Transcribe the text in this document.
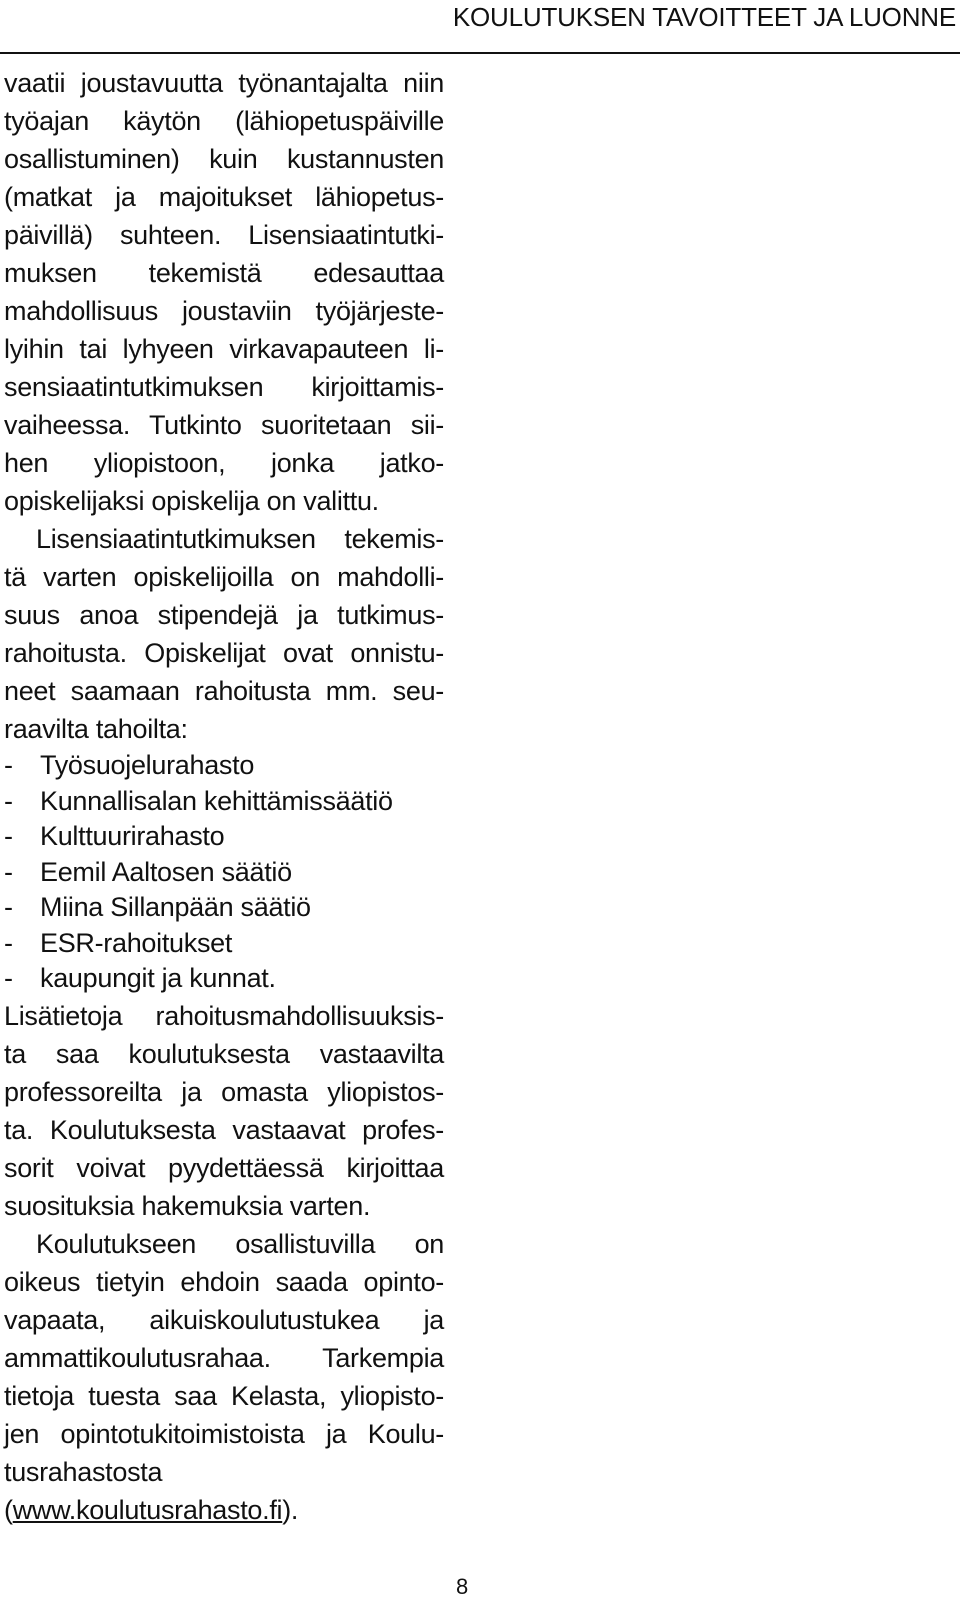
KOULUTUKSEN TAVOITTEET JA LUONNE
vaatii joustavuutta työnantajalta niin
työajan käytön (lähiopetuspäiville
osallistuminen) kuin kustannusten
(matkat ja majoitukset lähiopetus-
päivillä) suhteen. Lisensiaatintutki-
muksen tekemistä edesauttaa
mahdollisuus joustaviin työjärjeste-
lyihin tai lyhyeen virkavapauteen li-
sensiaatintutkimuksen kirjoittamis-
vaiheessa. Tutkinto suoritetaan sii-
hen yliopistoon, jonka jatko-
opiskelijaksi opiskelija on valittu.
Lisensiaatintutkimuksen tekemis-
tä varten opiskelijoilla on mahdolli-
suus anoa stipendejä ja tutkimus-
rahoitusta. Opiskelijat ovat onnistu-
neet saamaan rahoitusta mm. seu-
raavilta tahoilta:
- Työsuojelurahasto
- Kunnallisalan kehittämissäätiö
- Kulttuurirahasto
- Eemil Aaltosen säätiö
- Miina Sillanpään säätiö
- ESR-rahoitukset
- kaupungit ja kunnat.
Lisätietoja rahoitusmahdollisuuksis-
ta saa koulutuksesta vastaavilta
professoreilta ja omasta yliopistos-
ta. Koulutuksesta vastaavat profes-
sorit voivat pyydettäessä kirjoittaa
suosituksia hakemuksia varten.
Koulutukseen osallistuvilla on
oikeus tietyin ehdoin saada opinto-
vapaata, aikuiskoulutustukea ja
ammattikoulutusrahaa. Tarkempia
tietoja tuesta saa Kelasta, yliopisto-
jen opintotukitoimistoista ja Koulu-
tusrahastosta
(www.koulutusrahasto.fi).
8
